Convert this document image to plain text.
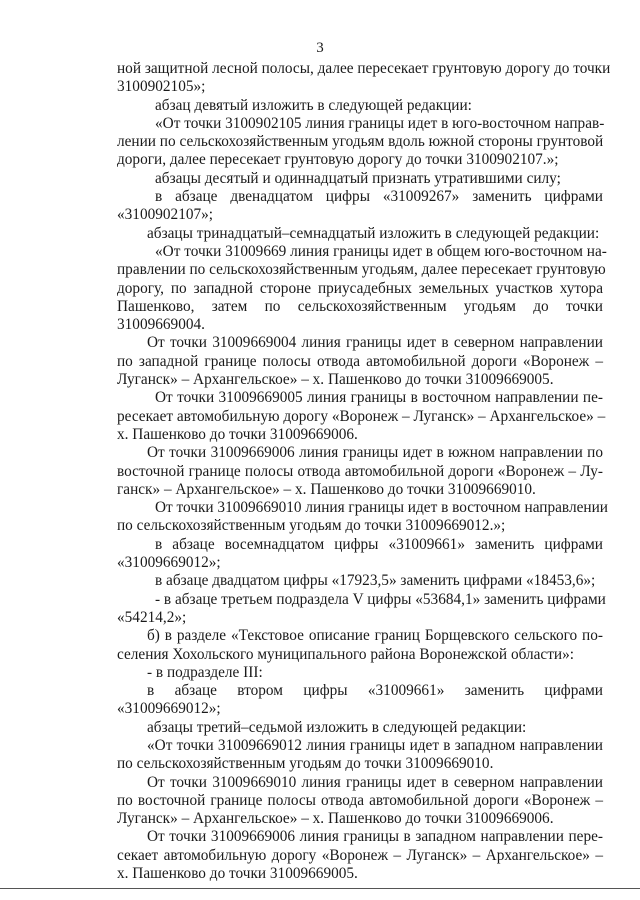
3
ной защитной лесной полосы, далее пересекает грунтовую дорогу до точки
3100902105»;
абзац девятый изложить в следующей редакции:
«От точки 3100902105 линия границы идет в юго-восточном направ-
лении по сельскохозяйственным угодьям вдоль южной стороны грунтовой
дороги, далее пересекает грунтовую дорогу до точки 3100902107.»;
абзацы десятый и одиннадцатый признать утратившими силу;
в абзаце двенадцатом цифры «31009267» заменить цифрами
«3100902107»;
абзацы тринадцатый–семнадцатый изложить в следующей редакции:
«От точки 31009669 линия границы идет в общем юго-восточном на-
правлении по сельскохозяйственным угодьям, далее пересекает грунтовую
дорогу, по западной стороне приусадебных земельных участков хутора
Пашенково, затем по сельскохозяйственным угодьям до точки
31009669004.
От точки 31009669004 линия границы идет в северном направлении
по западной границе полосы отвода автомобильной дороги «Воронеж –
Луганск» – Архангельское» – х. Пашенково до точки 31009669005.
От точки 31009669005 линия границы в восточном направлении пе-
ресекает автомобильную дорогу «Воронеж – Луганск» – Архангельское» –
х. Пашенково до точки 31009669006.
От точки 31009669006 линия границы идет в южном направлении по
восточной границе полосы отвода автомобильной дороги «Воронеж – Лу-
ганск» – Архангельское» – х. Пашенково до точки 31009669010.
От точки 31009669010 линия границы идет в восточном направлении
по сельскохозяйственным угодьям до точки 31009669012.»;
в абзаце восемнадцатом цифры «31009661» заменить цифрами
«31009669012»;
в абзаце двадцатом цифры «17923,5» заменить цифрами «18453,6»;
- в абзаце третьем подраздела V цифры «53684,1» заменить цифрами
«54214,2»;
б) в разделе «Текстовое описание границ Борщевского сельского по-
селения Хохольского муниципального района Воронежской области»:
- в подразделе III:
в абзаце втором цифры «31009661» заменить цифрами
«31009669012»;
абзацы третий–седьмой изложить в следующей редакции:
«От точки 31009669012 линия границы идет в западном направлении
по сельскохозяйственным угодьям до точки 31009669010.
От точки 31009669010 линия границы идет в северном направлении
по восточной границе полосы отвода автомобильной дороги «Воронеж –
Луганск» – Архангельское» – х. Пашенково до точки 31009669006.
От точки 31009669006 линия границы в западном направлении пере-
секает автомобильную дорогу «Воронеж – Луганск» – Архангельское» –
х. Пашенково до точки 31009669005.
